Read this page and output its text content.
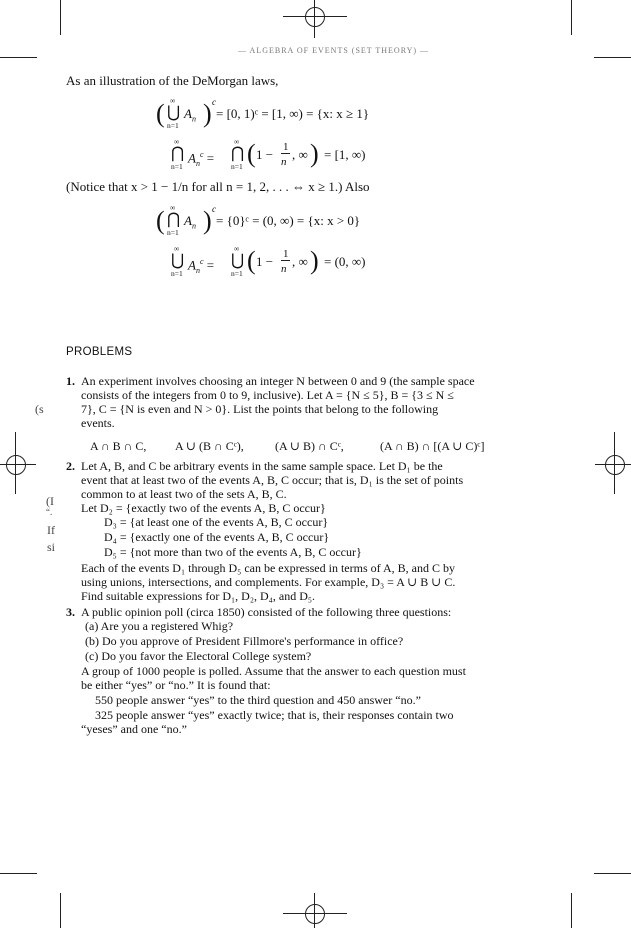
— ALGEBRA OF EVENTS (SET THEORY) —
As an illustration of the DeMorgan laws,
( ∞
⋃
n=1
$A_n$ ) c
= [0, 1)ᶜ = [1, ∞) = {x: x ≥ 1}
∞
⋂
n=1
$A_n^c$ =
∞
⋂
n=1 ( 1 − 1
n , ∞ ) = [1, ∞)
(Notice that x > 1 − 1/n for all n = 1, 2, . . . ⇔ x ≥ 1.) Also
( ∞
⋂
n=1
$A_n$ ) c
= {0}ᶜ = (0, ∞) = {x: x > 0}
∞
⋃
n=1
$A_n^c$ =
∞
⋃
n=1 ( 1 − 1
n , ∞ ) = (0, ∞)
PROBLEMS
1. An experiment involves choosing an integer N between 0 and 9 (the sample space
consists of the integers from 0 to 9, inclusive). Let A = {N ≤ 5}, B = {3 ≤ N ≤
7}, C = {N is even and N > 0}. List the points that belong to the following
events.
A ∩ B ∩ C, A ∪ (B ∩ Cᶜ),	(A ∪ B) ∩ Cᶜ,	(A ∩ B) ∩ [(A ∪ C)ᶜ]
2. Let A, B, and C be arbitrary events in the same sample space. Let D₁ be the
event that at least two of the events A, B, C occur; that is, D₁ is the set of points
common to at least two of the sets A, B, C.
Let D₂ = {exactly two of the events A, B, C occur}
D₃ = {at least one of the events A, B, C occur}
D₄ = {exactly one of the events A, B, C occur}
D₅ = {not more than two of the events A, B, C occur}
Each of the events D₁ through D₅ can be expressed in terms of A, B, and C by
using unions, intersections, and complements. For example, D₃ = A ∪ B ∪ C.
Find suitable expressions for D₁, D₂, D₄, and D₅.
3. A public opinion poll (circa 1850) consisted of the following three questions:
(a) Are you a registered Whig?
(b) Do you approve of President Fillmore's performance in office?
(c) Do you favor the Electoral College system?
A group of 1000 people is polled. Assume that the answer to each question must
be either “yes” or “no.” It is found that:
550 people answer “yes” to the third question and 450 answer “no.”
325 people answer “yes” exactly twice; that is, their responses contain two
“yeses” and one “no.”
(s
(I
“.
If
si
